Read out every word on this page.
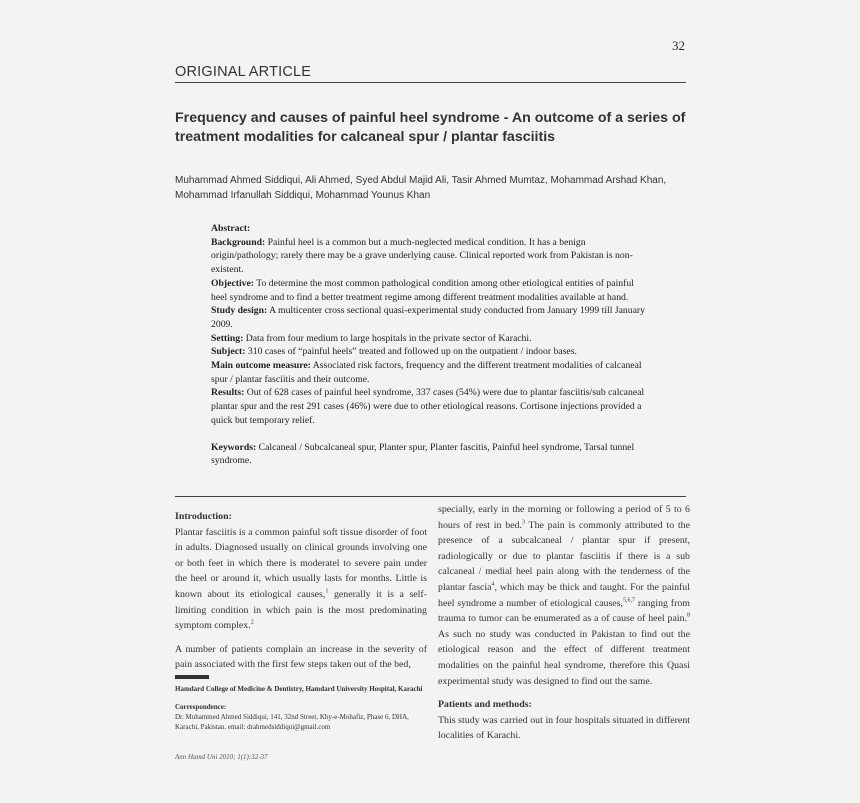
32
ORIGINAL ARTICLE
Frequency and causes of painful heel syndrome - An outcome of a series of treatment modalities for calcaneal spur / plantar fasciitis
Muhammad Ahmed Siddiqui, Ali Ahmed, Syed Abdul Majid Ali, Tasir Ahmed Mumtaz, Mohammad Arshad Khan,
Mohammad Irfanullah Siddiqui, Mohammad Younus Khan

Abstract:

Background: Painful heel is a common but a much-neglected medical condition. It has a benign origin/pathology; rarely there may be a grave underlying cause. Clinical reported work from Pakistan is non-existent.

Objective: To determine the most common pathological condition among other etiological entities of painful heel syndrome and to find a better treatment regime among different treatment modalities available at hand.

Study design: A multicenter cross sectional quasi-experimental study conducted from January 1999 till January 2009.

Setting: Data from four medium to large hospitals in the private sector of Karachi.

Subject: 310 cases of “painful heels” treated and followed up on the outpatient / indoor bases.

Main outcome measure: Associated risk factors, frequency and the different treatment modalities of calcaneal spur / plantar fasciitis and their outcome.

Results: Out of 628 cases of painful heel syndrome, 337 cases (54%) were due to plantar fasciitis/sub calcaneal plantar spur and the rest 291 cases (46%) were due to other etiological reasons. Cortisone injections provided a quick but temporary relief.

Keywords: Calcaneal / Subcalcaneal spur, Planter spur, Planter fascitis, Painful heel syndrome, Tarsal tunnel syndrome.

Introduction:

Plantar fasciitis is a common painful soft tissue disorder of foot in adults. Diagnosed usually on clinical grounds involving one or both feet in which there is moderatel to severe pain under the heel or around it, which usually lasts for months. Little is known about its etiological causes,$^1$ generally it is a self-limiting condition in which pain is the most predominating symptom complex.$^2$

A number of patients complain an increase in the severity of pain associated with the first few steps taken out of the bed,

Hamdard College of Medicine & Dentistry, Hamdard University Hospital, Karachi

Correspondence:

Dr. Muhammed Ahmed Siddiqui, 141, 32nd Street, Khy-e-Mohafiz, Phase 6, DHA, Karachi, Pakistan. email: drahmedsiddiqui@gmail.com

Ann Hamd Uni 2010; 1(1):32-37

specially, early in the morning or following a period of 5 to 6 hours of rest in bed.$^3$ The pain is commonly attributed to the presence of a subcalcaneal / plantar spur if present, radiologically or due to plantar fasciitis if there is a sub calcaneal / medial heel pain along with the tenderness of the plantar fascia$^4$, which may be thick and taught. For the painful heel syndrome a number of etiological causes,$^{5,6,7}$ ranging from trauma to tumor can be enumerated as a of cause of heel pain.$^8$ As such no study was conducted in Pakistan to find out the etiological reason and the effect of different treatment modalities on the painful heal syndrome, therefore this Quasi experimental study was designed to find out the same.

Patients and methods:

This study was carried out in four hospitals situated in different localities of Karachi.
